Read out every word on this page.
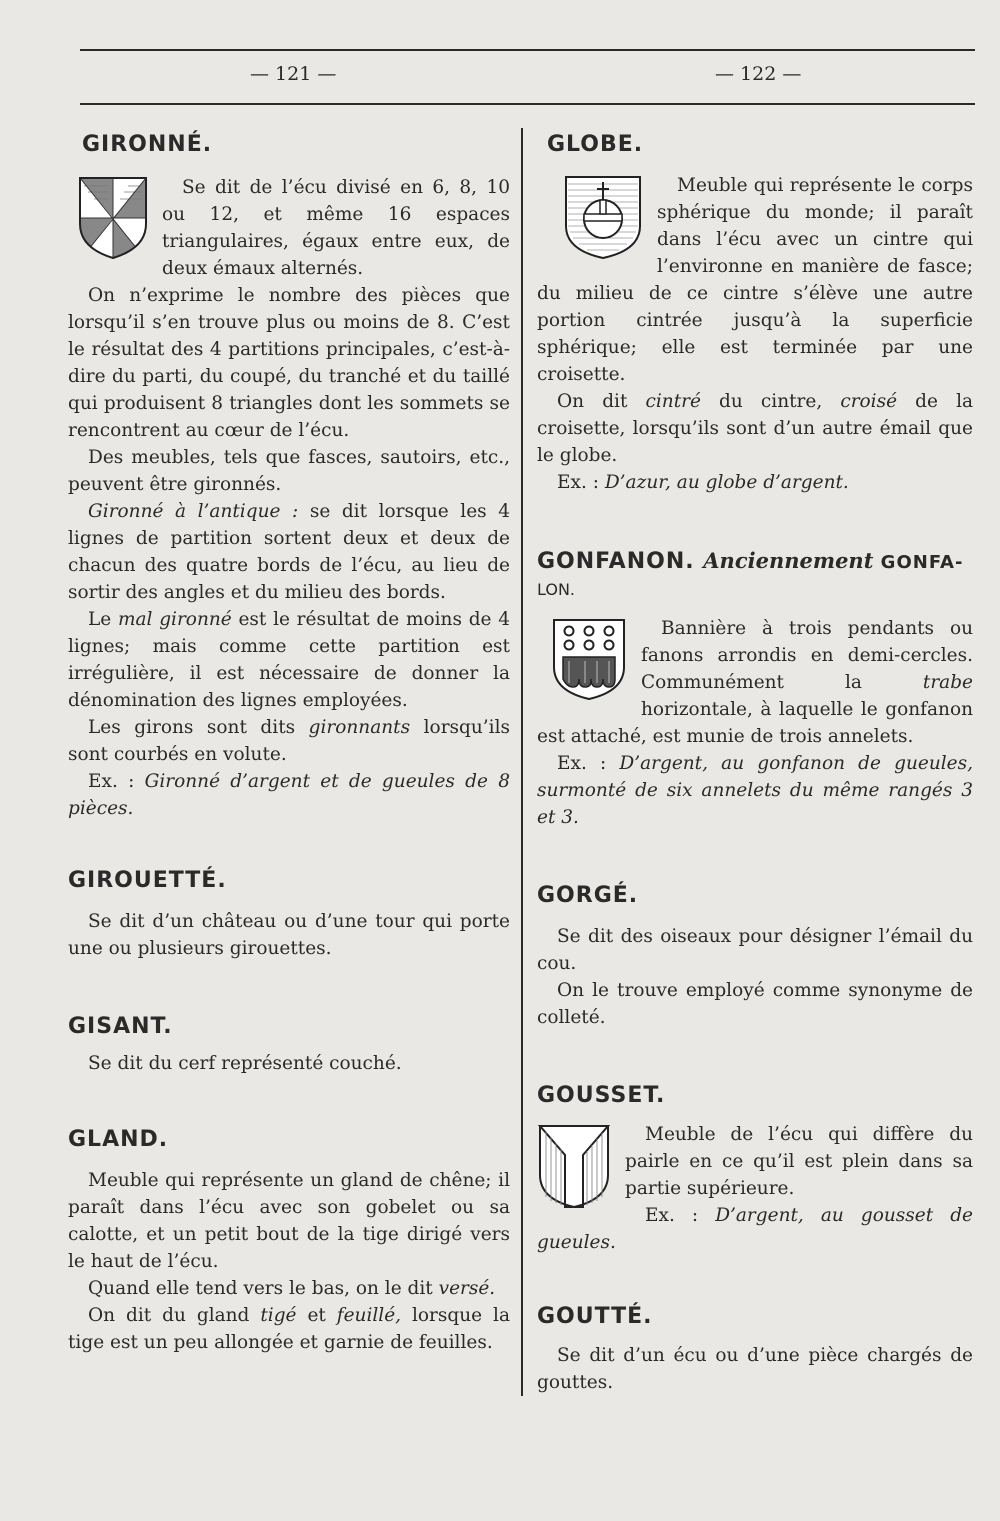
— 121 —	— 122 —
GIRONNÉ.

Se dit de l’écu divisé en 6, 8, 10 ou 12, et même 16 espaces triangulaires, égaux entre eux, de deux émaux alternés.

On n’exprime le nombre des pièces que lorsqu’il s’en trouve plus ou moins de 8. C’est le résultat des 4 partitions principales, c’est-à-dire du parti, du coupé, du tranché et du taillé qui produisent 8 triangles dont les sommets se rencontrent au cœur de l’écu.

Des meubles, tels que fasces, sautoirs, etc., peuvent être gironnés.

Gironné à l’antique : se dit lorsque les 4 lignes de partition sortent deux et deux de chacun des quatre bords de l’écu, au lieu de sortir des angles et du milieu des bords.

Le mal gironné est le résultat de moins de 4 lignes; mais comme cette partition est irrégulière, il est nécessaire de donner la dénomination des lignes employées.

Les girons sont dits gironnants lorsqu’ils sont courbés en volute.

Ex. : Gironné d’argent et de gueules de 8 pièces.

GIROUETTÉ.

Se dit d’un château ou d’une tour qui porte une ou plusieurs girouettes.

GISANT.

Se dit du cerf représenté couché.

GLAND.

Meuble qui représente un gland de chêne; il paraît dans l’écu avec son gobelet ou sa calotte, et un petit bout de la tige dirigé vers le haut de l’écu.

Quand elle tend vers le bas, on le dit versé.

On dit du gland tigé et feuillé, lorsque la tige est un peu allongée et garnie de feuilles.

GLOBE.

Meuble qui représente le corps sphérique du monde; il paraît dans l’écu avec un cintre qui l’environne en manière de fasce; du milieu de ce cintre s’élève une autre portion cintrée jusqu’à la superficie sphérique; elle est terminée par une croisette.

On dit cintré du cintre, croisé de la croisette, lorsqu’ils sont d’un autre émail que le globe.

Ex. : D’azur, au globe d’argent.

GONFANON. Anciennement GONFA-
LON.

Bannière à trois pendants ou fanons arrondis en demi-cercles. Communément la trabe horizontale, à laquelle le gonfanon est attaché, est munie de trois annelets.

Ex. : D’argent, au gonfanon de gueules, surmonté de six annelets du même rangés 3 et 3.

GORGÉ.

Se dit des oiseaux pour désigner l’émail du cou.

On le trouve employé comme synonyme de colleté.

GOUSSET.

Meuble de l’écu qui diffère du pairle en ce qu’il est plein dans sa partie supérieure.

Ex. : D’argent, au gousset de gueules.

GOUTTÉ.

Se dit d’un écu ou d’une pièce chargés de gouttes.
